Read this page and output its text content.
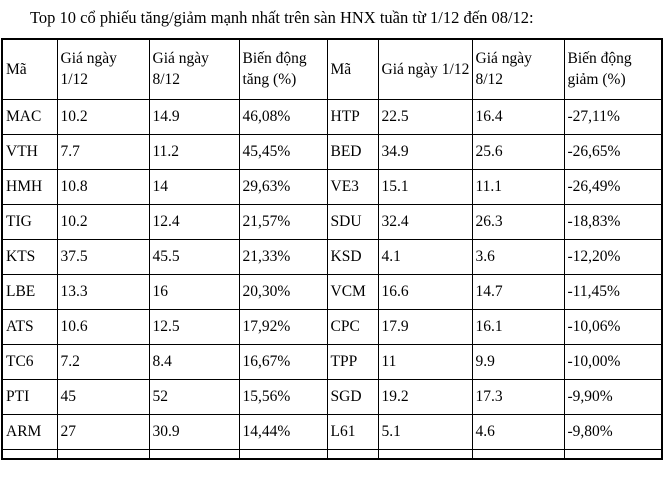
Top 10 cổ phiếu tăng/giảm mạnh nhất trên sàn HNX tuần từ 1/12 đến 08/12:

Mã	Giá ngày 1/12	Giá ngày 8/12	Biến động tăng (%)	Mã	Giá ngày 1/12	Giá ngày 8/12	Biến động giảm (%)
MAC	10.2	14.9	46,08%	HTP	22.5	16.4	-27,11%
VTH	7.7	11.2	45,45%	BED	34.9	25.6	-26,65%
HMH	10.8	14	29,63%	VE3	15.1	11.1	-26,49%
TIG	10.2	12.4	21,57%	SDU	32.4	26.3	-18,83%
KTS	37.5	45.5	21,33%	KSD	4.1	3.6	-12,20%
LBE	13.3	16	20,30%	VCM	16.6	14.7	-11,45%
ATS	10.6	12.5	17,92%	CPC	17.9	16.1	-10,06%
TC6	7.2	8.4	16,67%	TPP	11	9.9	-10,00%
PTI	45	52	15,56%	SGD	19.2	17.3	-9,90%
ARM	27	30.9	14,44%	L61	5.1	4.6	-9,80%
